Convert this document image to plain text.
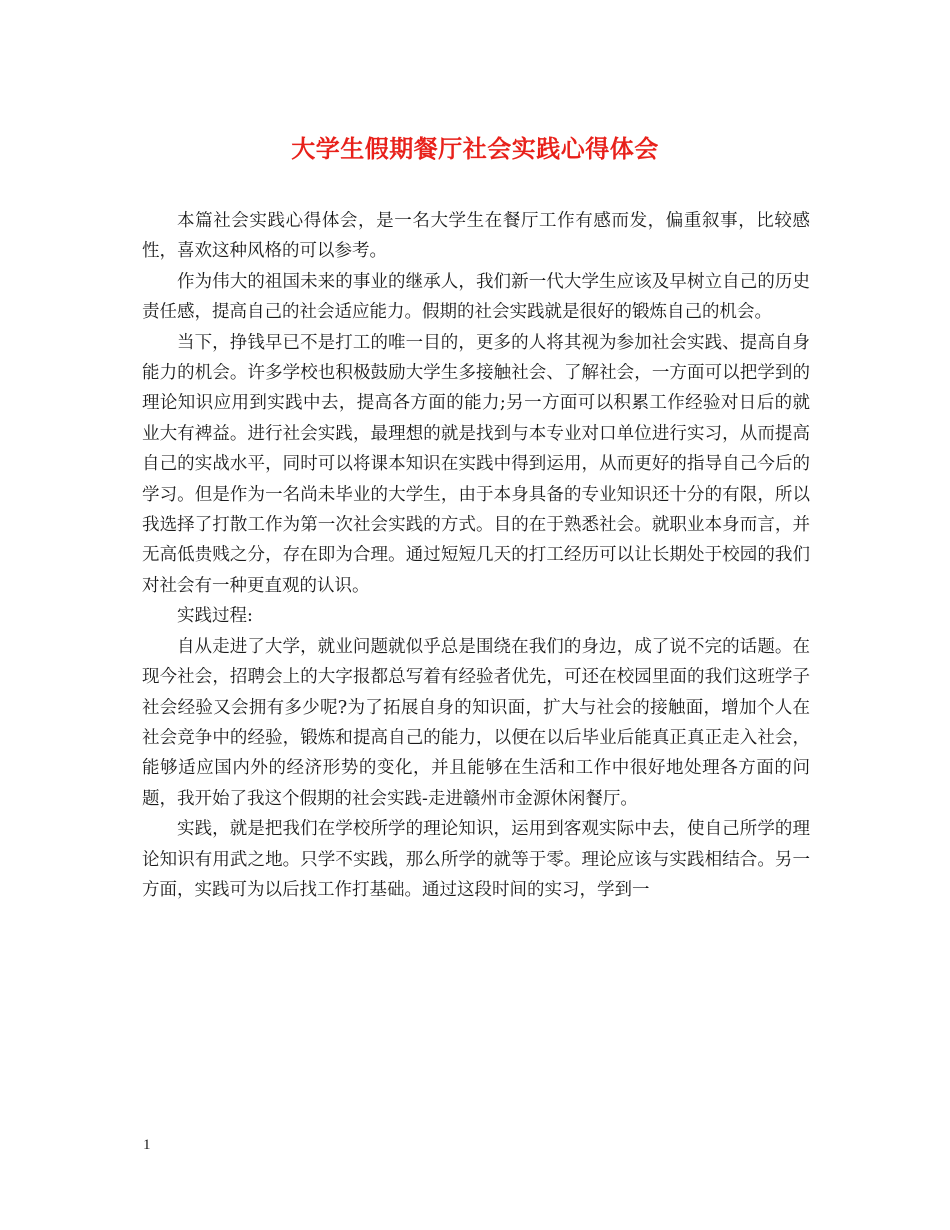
大学生假期餐厅社会实践心得体会

本篇社会实践心得体会，是一名大学生在餐厅工作有感而发，偏重叙事，比较感性，喜欢这种风格的可以参考。

作为伟大的祖国未来的事业的继承人，我们新一代大学生应该及早树立自己的历史责任感，提高自己的社会适应能力。假期的社会实践就是很好的锻炼自己的机会。

当下，挣钱早已不是打工的唯一目的，更多的人将其视为参加社会实践、提高自身能力的机会。许多学校也积极鼓励大学生多接触社会、了解社会，一方面可以把学到的理论知识应用到实践中去，提高各方面的能力;另一方面可以积累工作经验对日后的就业大有裨益。进行社会实践，最理想的就是找到与本专业对口单位进行实习，从而提高自己的实战水平，同时可以将课本知识在实践中得到运用，从而更好的指导自己今后的学习。但是作为一名尚未毕业的大学生，由于本身具备的专业知识还十分的有限，所以我选择了打散工作为第一次社会实践的方式。目的在于熟悉社会。就职业本身而言，并无高低贵贱之分，存在即为合理。通过短短几天的打工经历可以让长期处于校园的我们对社会有一种更直观的认识。

实践过程:

自从走进了大学，就业问题就似乎总是围绕在我们的身边，成了说不完的话题。在现今社会，招聘会上的大字报都总写着有经验者优先，可还在校园里面的我们这班学子社会经验又会拥有多少呢?为了拓展自身的知识面，扩大与社会的接触面，增加个人在社会竞争中的经验，锻炼和提高自己的能力，以便在以后毕业后能真正真正走入社会，能够适应国内外的经济形势的变化，并且能够在生活和工作中很好地处理各方面的问题，我开始了我这个假期的社会实践-走进赣州市金源休闲餐厅。

实践，就是把我们在学校所学的理论知识，运用到客观实际中去，使自己所学的理论知识有用武之地。只学不实践，那么所学的就等于零。理论应该与实践相结合。另一方面，实践可为以后找工作打基础。通过这段时间的实习，学到一

1
